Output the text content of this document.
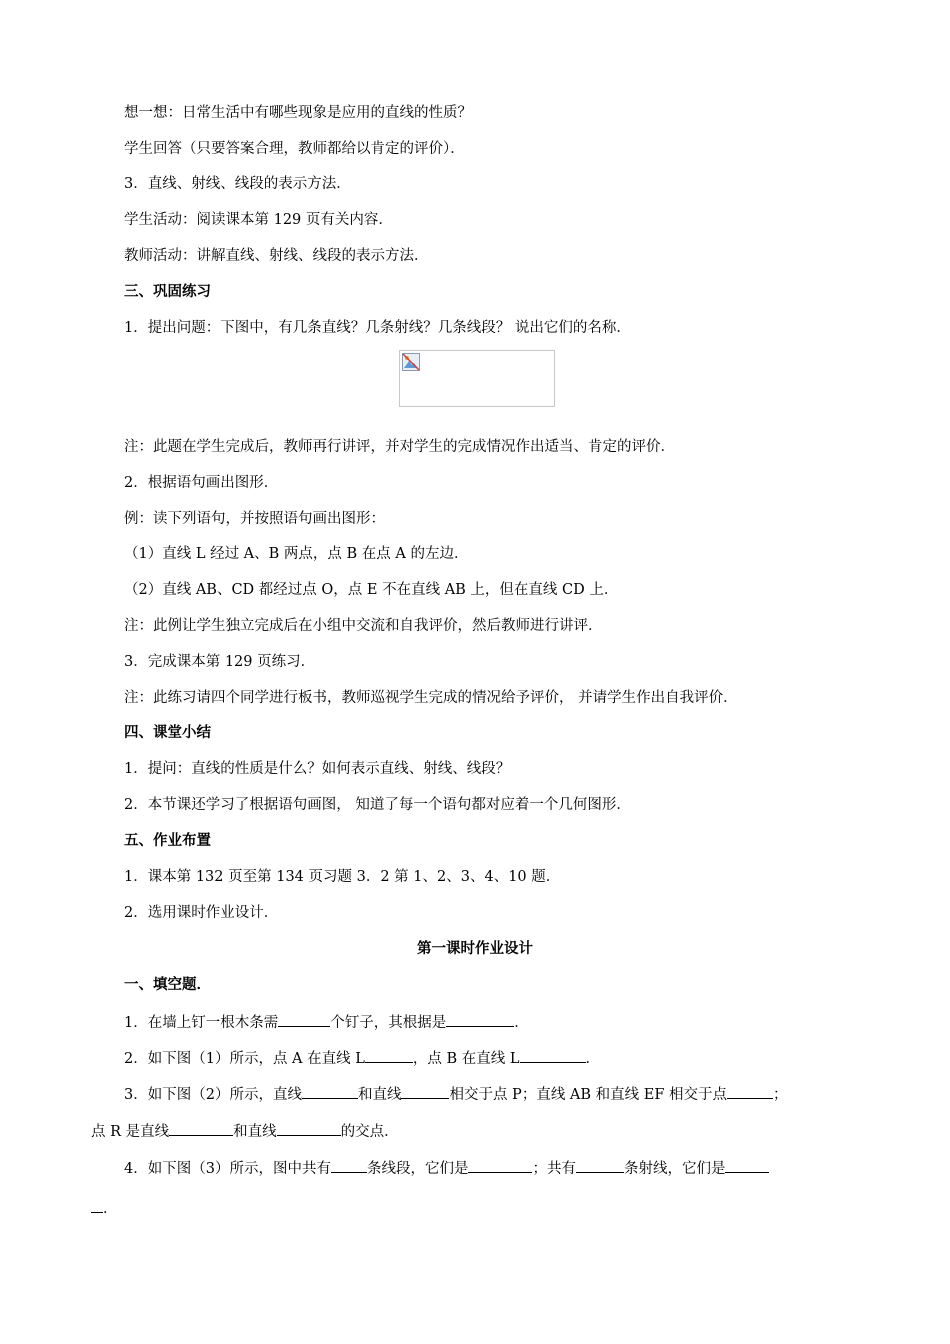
想一想：日常生活中有哪些现象是应用的直线的性质？
学生回答（只要答案合理，教师都给以肯定的评价）．
3．直线、射线、线段的表示方法．
学生活动：阅读课本第 129 页有关内容．
教师活动：讲解直线、射线、线段的表示方法．
三、巩固练习
1．提出问题：下图中，有几条直线？几条射线？几条线段？ 说出它们的名称．
注：此题在学生完成后，教师再行讲评，并对学生的完成情况作出适当、肯定的评价．
2．根据语句画出图形．
例：读下列语句，并按照语句画出图形：
（1）直线 L 经过 A、B 两点，点 B 在点 A 的左边．
（2）直线 AB、CD 都经过点 O，点 E 不在直线 AB 上，但在直线 CD 上．
注：此例让学生独立完成后在小组中交流和自我评价，然后教师进行讲评．
3．完成课本第 129 页练习．
注：此练习请四个同学进行板书，教师巡视学生完成的情况给予评价， 并请学生作出自我评价．
四、课堂小结
1．提问：直线的性质是什么？如何表示直线、射线、线段？
2．本节课还学习了根据语句画图， 知道了每一个语句都对应着一个几何图形．
五、作业布置
1．课本第 132 页至第 134 页习题 3．2 第 1、2、3、4、10 题．
2．选用课时作业设计．
第一课时作业设计
一、填空题．
1．在墙上钉一根木条需	个钉子，其根据是	．
2．如下图（1）所示，点 A 在直线 L	，点 B 在直线 L	．
3．如下图（2）所示，直线	和直线	相交于点 P；直线 AB 和直线 EF 相交于点	；
点 R 是直线	和直线	的交点．
4．如下图（3）所示，图中共有 条线段，它们是	；共有	条射线，它们是
．
